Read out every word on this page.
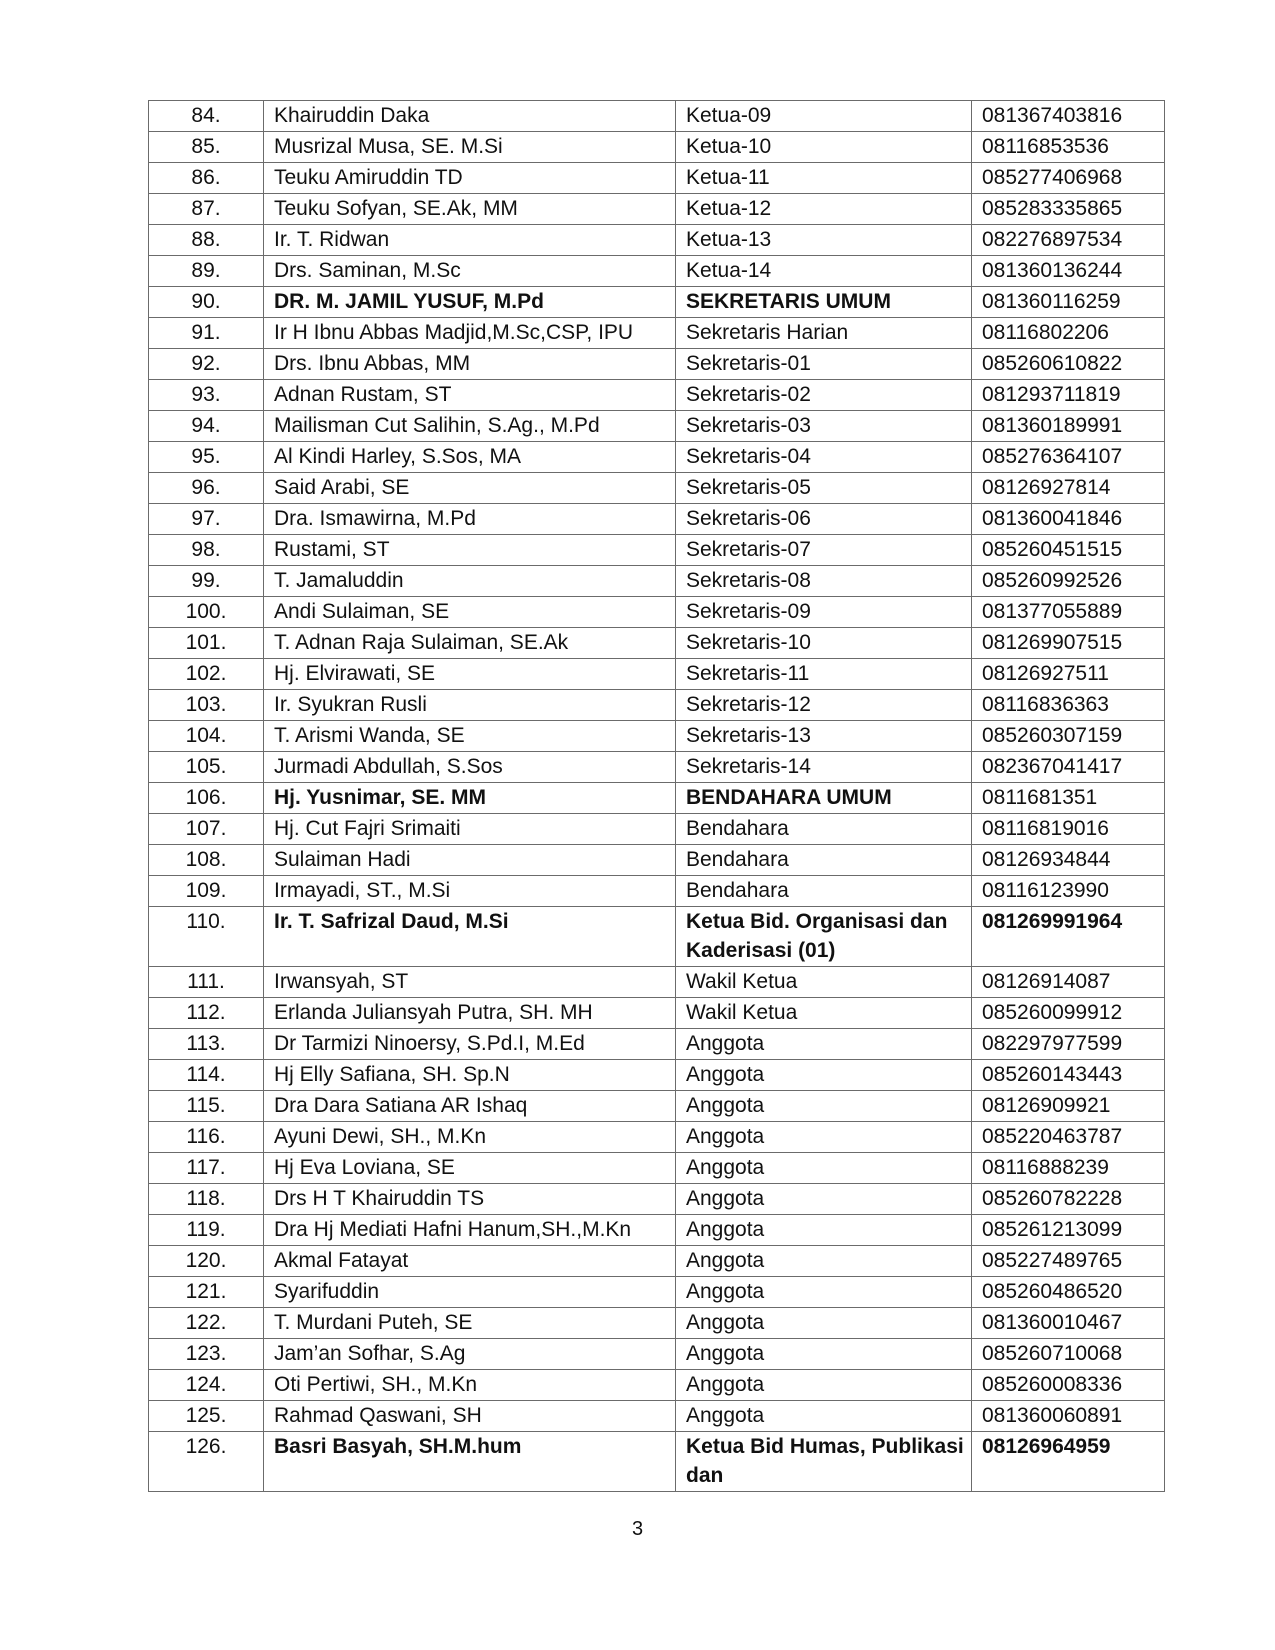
84.	Khairuddin Daka	Ketua-09	081367403816
85.	Musrizal Musa, SE. M.Si	Ketua-10	08116853536
86.	Teuku Amiruddin TD	Ketua-11	085277406968
87.	Teuku Sofyan, SE.Ak, MM	Ketua-12	085283335865
88.	Ir. T. Ridwan	Ketua-13	082276897534
89.	Drs. Saminan, M.Sc	Ketua-14	081360136244
90.	DR. M. JAMIL YUSUF, M.Pd	SEKRETARIS UMUM	081360116259
91.	Ir H Ibnu Abbas Madjid,M.Sc,CSP, IPU	Sekretaris Harian	08116802206
92.	Drs. Ibnu Abbas, MM	Sekretaris-01	085260610822
93.	Adnan Rustam, ST	Sekretaris-02	081293711819
94.	Mailisman Cut Salihin, S.Ag., M.Pd	Sekretaris-03	081360189991
95.	Al Kindi Harley, S.Sos, MA	Sekretaris-04	085276364107
96.	Said Arabi, SE	Sekretaris-05	08126927814
97.	Dra. Ismawirna, M.Pd	Sekretaris-06	081360041846
98.	Rustami, ST	Sekretaris-07	085260451515
99.	T. Jamaluddin	Sekretaris-08	085260992526
100.	Andi Sulaiman, SE	Sekretaris-09	081377055889
101.	T. Adnan Raja Sulaiman, SE.Ak	Sekretaris-10	081269907515
102.	Hj. Elvirawati, SE	Sekretaris-11	08126927511
103.	Ir. Syukran Rusli	Sekretaris-12	08116836363
104.	T. Arismi Wanda, SE	Sekretaris-13	085260307159
105.	Jurmadi Abdullah, S.Sos	Sekretaris-14	082367041417
106.	Hj. Yusnimar, SE. MM	BENDAHARA UMUM	0811681351
107.	Hj. Cut Fajri Srimaiti	Bendahara	08116819016
108.	Sulaiman Hadi	Bendahara	08126934844
109.	Irmayadi, ST., M.Si	Bendahara	08116123990
110.	Ir. T. Safrizal Daud, M.Si	Ketua Bid. Organisasi dan Kaderisasi (01)	081269991964
111.	Irwansyah, ST	Wakil Ketua	08126914087
112.	Erlanda Juliansyah Putra, SH. MH	Wakil Ketua	085260099912
113.	Dr Tarmizi Ninoersy, S.Pd.I, M.Ed	Anggota	082297977599
114.	Hj Elly Safiana, SH. Sp.N	Anggota	085260143443
115.	Dra Dara Satiana AR Ishaq	Anggota	08126909921
116.	Ayuni Dewi, SH., M.Kn	Anggota	085220463787
117.	Hj Eva Loviana, SE	Anggota	08116888239
118.	Drs H T Khairuddin TS	Anggota	085260782228
119.	Dra Hj Mediati Hafni Hanum,SH.,M.Kn	Anggota	085261213099
120.	Akmal Fatayat	Anggota	085227489765
121.	Syarifuddin	Anggota	085260486520
122.	T. Murdani Puteh, SE	Anggota	081360010467
123.	Jam’an Sofhar, S.Ag	Anggota	085260710068
124.	Oti Pertiwi, SH., M.Kn	Anggota	085260008336
125.	Rahmad Qaswani, SH	Anggota	081360060891
126.	Basri Basyah, SH.M.hum	Ketua Bid Humas, Publikasi dan	08126964959
3
